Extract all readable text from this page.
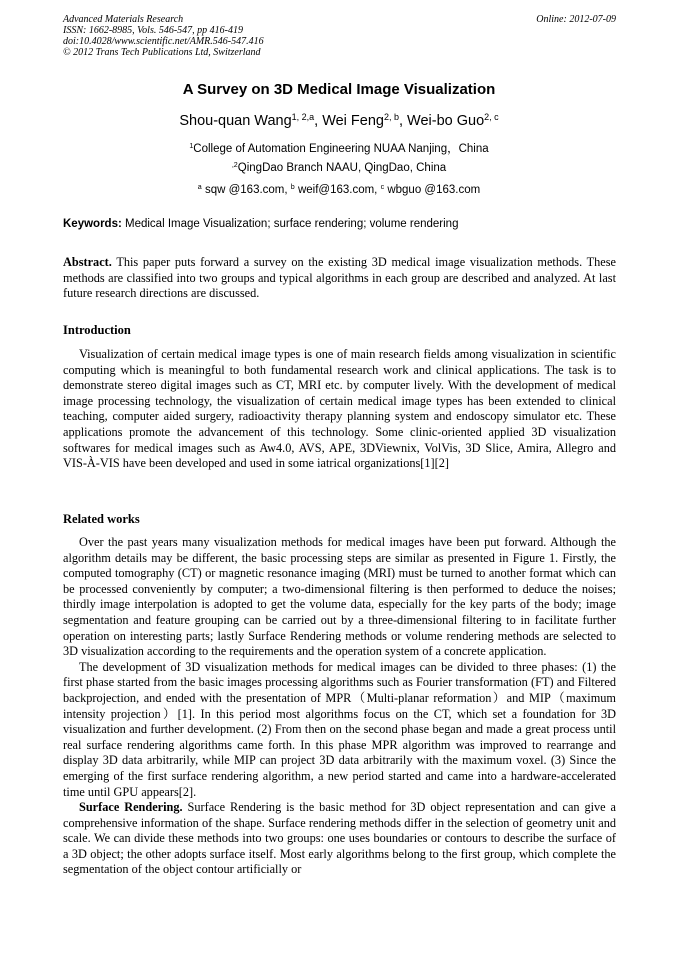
Advanced Materials Research
ISSN: 1662-8985, Vols. 546-547, pp 416-419
doi:10.4028/www.scientific.net/AMR.546-547.416
© 2012 Trans Tech Publications Ltd, Switzerland
Online: 2012-07-09
A Survey on 3D Medical Image Visualization
Shou-quan Wang$^{1, 2,a}$, Wei Feng$^{2, b}$, Wei-bo Guo$^{2, c}$
$^1$College of Automation Engineering NUAA Nanjing，China
$^{,2}$QingDao Branch NAAU, QingDao, China
$^a$ sqw @163.com, $^b$ weif@163.com, $^c$ wbguo @163.com
Keywords: Medical Image Visualization; surface rendering; volume rendering

Abstract. This paper puts forward a survey on the existing 3D medical image visualization methods. These methods are classified into two groups and typical algorithms in each group are described and analyzed. At last future research directions are discussed.

Introduction

Visualization of certain medical image types is one of main research fields among visualization in scientific computing which is meaningful to both fundamental research work and clinical applications. The task is to demonstrate stereo digital images such as CT, MRI etc. by computer lively. With the development of medical image processing technology, the visualization of certain medical image types has been extended to clinical teaching, computer aided surgery, radioactivity therapy planning system and endoscopy simulator etc. These applications promote the advancement of this technology. Some clinic-oriented applied 3D visualization softwares for medical images such as Aw4.0, AVS, APE, 3DViewnix, VolVis, 3D Slice, Amira, Allegro and VIS-À-VIS have been developed and used in some iatrical organizations[1][2]

Related works

Over the past years many visualization methods for medical images have been put forward. Although the algorithm details may be different, the basic processing steps are similar as presented in Figure 1. Firstly, the computed tomography (CT) or magnetic resonance imaging (MRI) must be turned to another format which can be processed conveniently by computer; a two-dimensional filtering is then performed to deduce the noises; thirdly image interpolation is adopted to get the volume data, especially for the key parts of the body; image segmentation and feature grouping can be carried out by a three-dimensional filtering to in facilitate further operation on interesting parts; lastly Surface Rendering methods or volume rendering methods are selected to 3D visualization according to the requirements and the operation system of a concrete application.

The development of 3D visualization methods for medical images can be divided to three phases: (1) the first phase started from the basic images processing algorithms such as Fourier transformation (FT) and Filtered backprojection, and ended with the presentation of MPR（Multi-planar reformation）and MIP（maximum intensity projection）[1]. In this period most algorithms focus on the CT, which set a foundation for 3D visualization and further development. (2) From then on the second phase began and made a great process until real surface rendering algorithms came forth. In this phase MPR algorithm was improved to rearrange and display 3D data arbitrarily, while MIP can project 3D data arbitrarily with the maximum voxel. (3) Since the emerging of the first surface rendering algorithm, a new period started and came into a hardware-accelerated time until GPU appears[2].

Surface Rendering. Surface Rendering is the basic method for 3D object representation and can give a comprehensive information of the shape. Surface rendering methods differ in the selection of geometry unit and scale. We can divide these methods into two groups: one uses boundaries or contours to describe the surface of a 3D object; the other adopts surface itself. Most early algorithms belong to the first group, which complete the segmentation of the object contour artificially or
